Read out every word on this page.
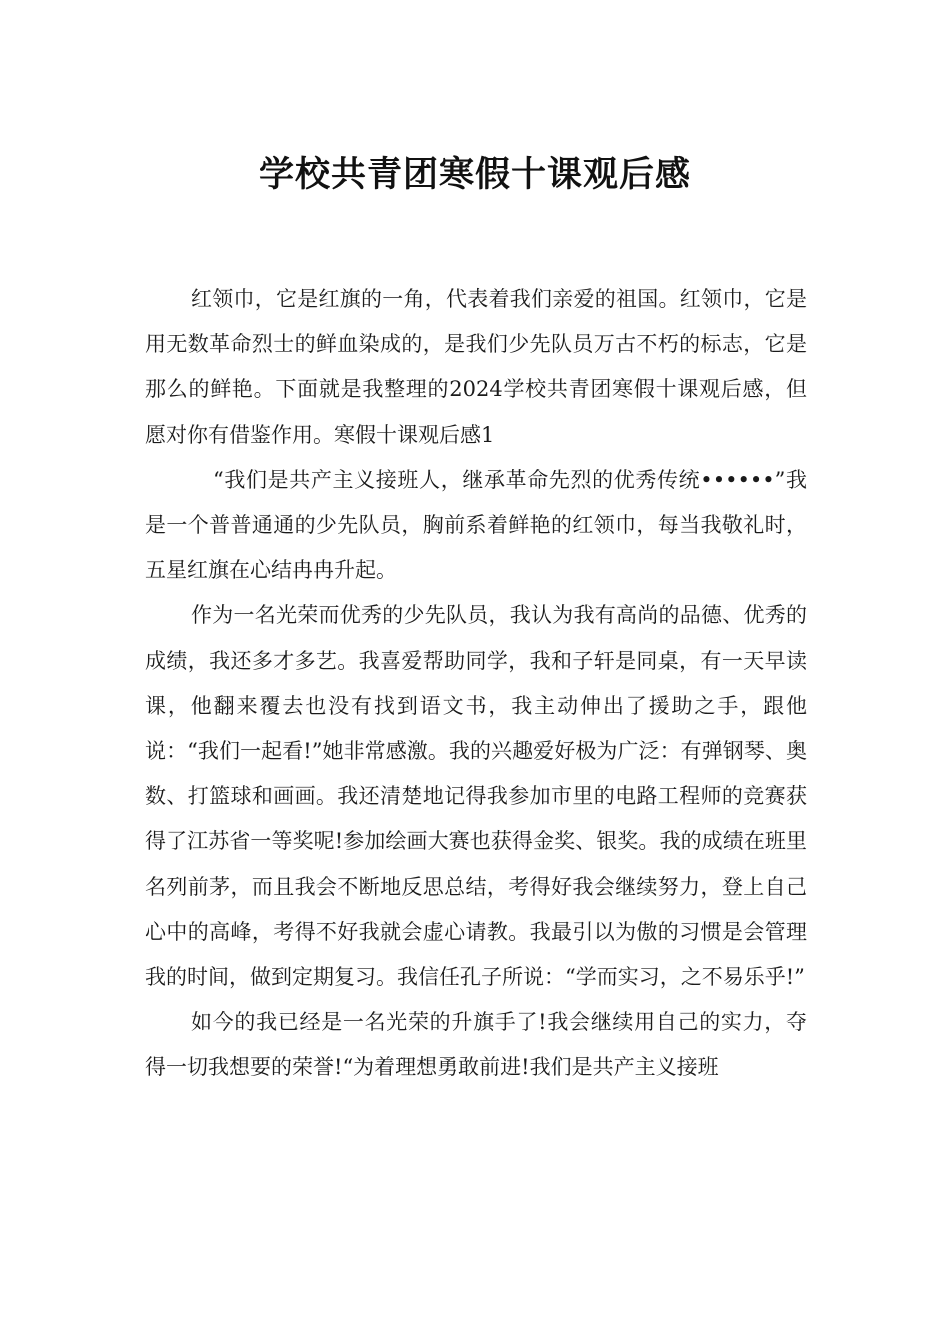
学校共青团寒假十课观后感

红领巾，它是红旗的一角，代表着我们亲爱的祖国。红领巾，它是用无数革命烈士的鲜血染成的，是我们少先队员万古不朽的标志，它是那么的鲜艳。下面就是我整理的2024学校共青团寒假十课观后感，但愿对你有借鉴作用。寒假十课观后感1

“我们是共产主义接班人，继承革命先烈的优秀传统••••••”我是一个普普通通的少先队员，胸前系着鲜艳的红领巾，每当我敬礼时，五星红旗在心结冉冉升起。

作为一名光荣而优秀的少先队员，我认为我有高尚的品德、优秀的成绩，我还多才多艺。我喜爱帮助同学，我和子轩是同桌，有一天早读课，他翻来覆去也没有找到语文书，我主动伸出了援助之手，跟他说：“我们一起看!”她非常感激。我的兴趣爱好极为广泛：有弹钢琴、奥数、打篮球和画画。我还清楚地记得我参加市里的电路工程师的竞赛获得了江苏省一等奖呢!参加绘画大赛也获得金奖、银奖。我的成绩在班里名列前茅，而且我会不断地反思总结，考得好我会继续努力，登上自己心中的高峰，考得不好我就会虚心请教。我最引以为傲的习惯是会管理我的时间，做到定期复习。我信任孔子所说：“学而实习，之不易乐乎!”

如今的我已经是一名光荣的升旗手了!我会继续用自己的实力，夺得一切我想要的荣誉!“为着理想勇敢前进!我们是共产主义接班
